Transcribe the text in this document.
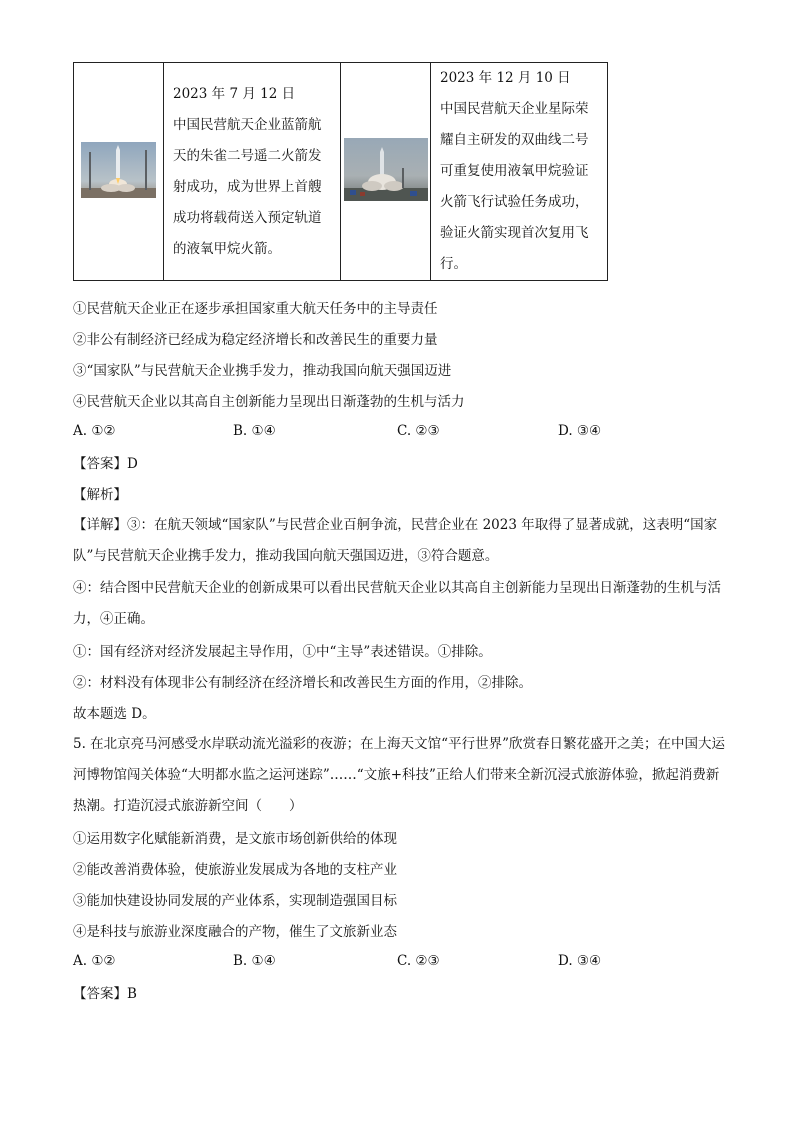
2023 年 7 月 12 日
中国民营航天企业蓝箭航天的朱雀二号遥二火箭发射成功，成为世界上首艘成功将载荷送入预定轨道的液氧甲烷火箭。

2023 年 12 月 10 日
中国民营航天企业星际荣耀自主研发的双曲线二号可重复使用液氧甲烷验证火箭飞行试验任务成功，验证火箭实现首次复用飞行。
①民营航天企业正在逐步承担国家重大航天任务中的主导责任
②非公有制经济已经成为稳定经济增长和改善民生的重要力量
③“国家队”与民营航天企业携手发力，推动我国向航天强国迈进
④民营航天企业以其高自主创新能力呈现出日渐蓬勃的生机与活力
A. ①②	B. ①④	C. ②③	D. ③④
【答案】D
【解析】
【详解】③：在航天领域“国家队”与民营企业百舸争流，民营企业在 2023 年取得了显著成就，这表明“国家队”与民营航天企业携手发力，推动我国向航天强国迈进，③符合题意。
④：结合图中民营航天企业的创新成果可以看出民营航天企业以其高自主创新能力呈现出日渐蓬勃的生机与活力，④正确。
①：国有经济对经济发展起主导作用，①中“主导”表述错误。①排除。
②：材料没有体现非公有制经济在经济增长和改善民生方面的作用，②排除。
故本题选 D。
5. 在北京亮马河感受水岸联动流光溢彩的夜游；在上海天文馆“平行世界”欣赏春日繁花盛开之美；在中国大运河博物馆闯关体验“大明都水监之运河迷踪”……“文旅+科技”正给人们带来全新沉浸式旅游体验，掀起消费新热潮。打造沉浸式旅游新空间（　　）
①运用数字化赋能新消费，是文旅市场创新供给的体现
②能改善消费体验，使旅游业发展成为各地的支柱产业
③能加快建设协同发展的产业体系，实现制造强国目标
④是科技与旅游业深度融合的产物，催生了文旅新业态
A. ①②	B. ①④	C. ②③	D. ③④
【答案】B
